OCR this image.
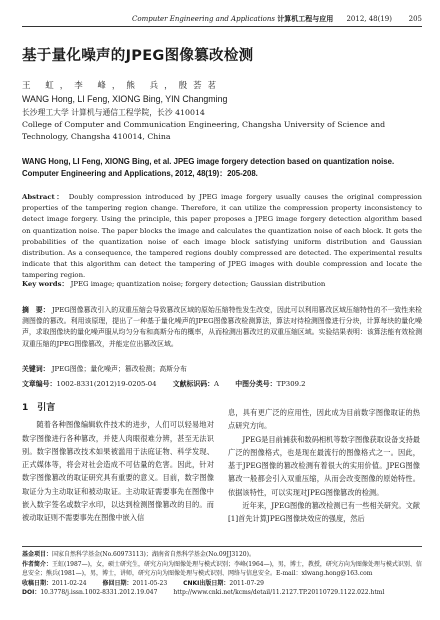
Computer Engineering and Applications 计算机工程与应用 2012, 48(19) 205
基于量化噪声的JPEG图像篡改检测
王 虹，李 峰，熊 兵，殷荟茗
WANG Hong, LI Feng, XIONG Bing, YIN Changming
长沙理工大学 计算机与通信工程学院，长沙 410014
College of Computer and Communication Engineering, Changsha University of Science and Technology, Changsha 410014, China
WANG Hong, LI Feng, XIONG Bing, et al. JPEG image forgery detection based on quantization noise. Computer Engineering and Applications, 2012, 48(19)：205-208.
Abstract： Doubly compression introduced by JPEG image forgery usually causes the original compression properties of the tampering region change. Therefore, it can utilize the compression property inconsistency to detect image forgery. Using the principle, this paper proposes a JPEG image forgery detection algorithm based on quantization noise. The paper blocks the image and calculates the quantization noise of each block. It gets the probabilities of the quantization noise of each image block satisfying uniform distribution and Gaussian distribution. As a consequence, the tampered regions doubly compressed are detected. The experimental results indicate that this algorithm can detect the tampering of JPEG images with double compression and locate the tampering region.
Key words： JPEG image; quantization noise; forgery detection; Gaussian distribution
摘　要： JPEG图像篡改引入的双重压缩会导致篡改区域的原始压缩特性发生改变，因此可以利用篡改区域压缩特性的不一致性来检测图像的篡改。利用该原理，提出了一种基于量化噪声的JPEG图像篡改检测算法，算法对待检测图像进行分块，计算每块的量化噪声，求取图像块的量化噪声服从均匀分布和高斯分布的概率，从而检测出篡改过的双重压缩区域。实验结果表明：该算法能有效检测双重压缩的JPEG图像篡改，并能定位出篡改区域。
关键词： JPEG图像；量化噪声；篡改检测；高斯分布
文章编号：1002-8331(2012)19-0205-04 文献标识码：A 中图分类号：TP309.2
1　引言

随着各种图像编辑软件技术的进步，人们可以轻易地对数字图像进行各种篡改，并使人肉眼很难分辨，甚至无法识别。数字图像篡改技术如果被滥用于法庭证物、科学发现、正式媒体等，将会对社会造成不可估量的危害。因此，针对数字图像篡改的取证研究具有重要的意义。目前，数字图像取证分为主动取证和被动取证。主动取证需要事先在图像中嵌入数字签名或数字水印，以达到检测图像篡改的目的。而被动取证则不需要事先在图像中嵌入信

息，具有更广泛的应用性，因此成为目前数字图像取证的热点研究方向。

JPEG是目前捕获和数码相机等数字图像获取设备支持最广泛的图像格式，也是现在最流行的图像格式之一。因此，基于JPEG图像的篡改检测有着很大的实用价值。JPEG图像篡改一般都会引入双重压缩，从而会改变图像的原始特性。依据该特性，可以实现对JPEG图像篡改的检测。

近年来，JPEG图像的篡改检测已有一些相关研究。文献[1]首先计算JPEG图像块效应的强度，然后

基金项目：国家自然科学基金(No.60973113)；湖南省自然科学基金(No.09JJ3120)。
作者简介：王虹(1987—)，女，硕士研究生，研究方向为图像处理与模式识别；李峰(1964—)，男，博士，教授，研究方向为图像处理与模式识别、信息安全；熊兵(1981—)，男，博士，讲师，研究方向为图像处理与模式识别、网络与信息安全。E-mail：xlwang.hong@163.com
收稿日期：2011-02-24	修回日期：2011-05-23	CNKI出版日期：2011-07-29
DOI：10.3778/j.issn.1002-8331.2012.19.047	http://www.cnki.net/kcms/detail/11.2127.TP.20110729.1122.022.html
